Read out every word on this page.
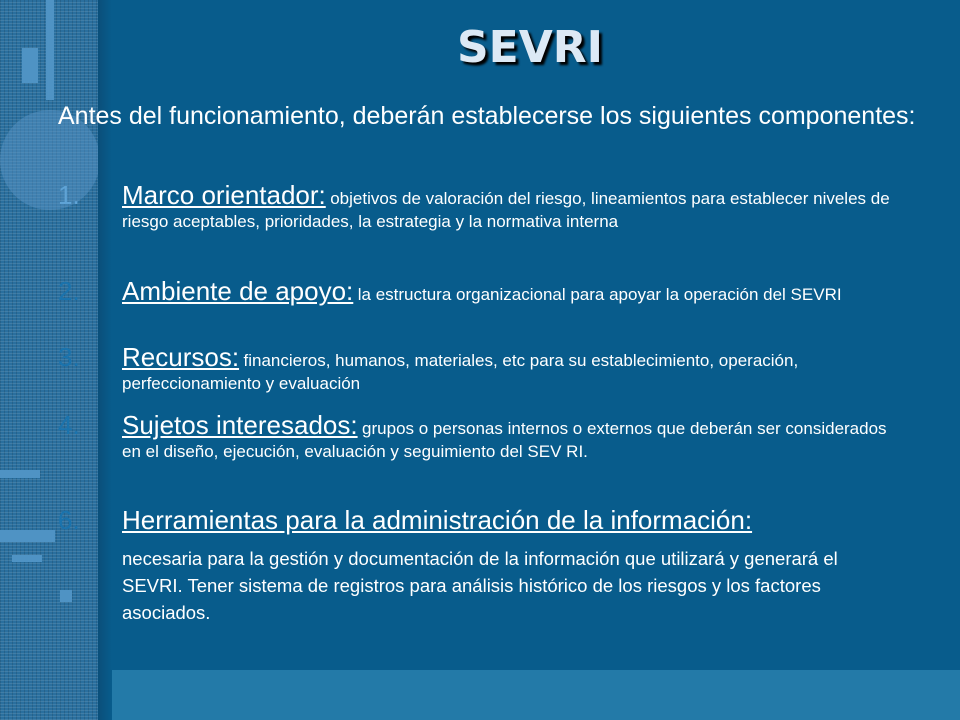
SEVRI

Antes del funcionamiento, deberán establecerse los siguientes componentes:

1. Marco orientador: objetivos de valoración del riesgo, lineamientos para establecer niveles de riesgo aceptables, prioridades, la estrategia y la normativa interna
2. Ambiente de apoyo: la estructura organizacional para apoyar la operación del SEVRI
3. Recursos: financieros, humanos, materiales, etc para su establecimiento, operación, perfeccionamiento y evaluación
4. Sujetos interesados: grupos o personas internos o externos que deberán ser considerados en el diseño, ejecución, evaluación y seguimiento del SEV RI.
6. Herramientas para la administración de la información:
necesaria para la gestión y documentación de la información que utilizará y generará el SEVRI. Tener sistema de registros para análisis histórico de los riesgos y los factores asociados.
